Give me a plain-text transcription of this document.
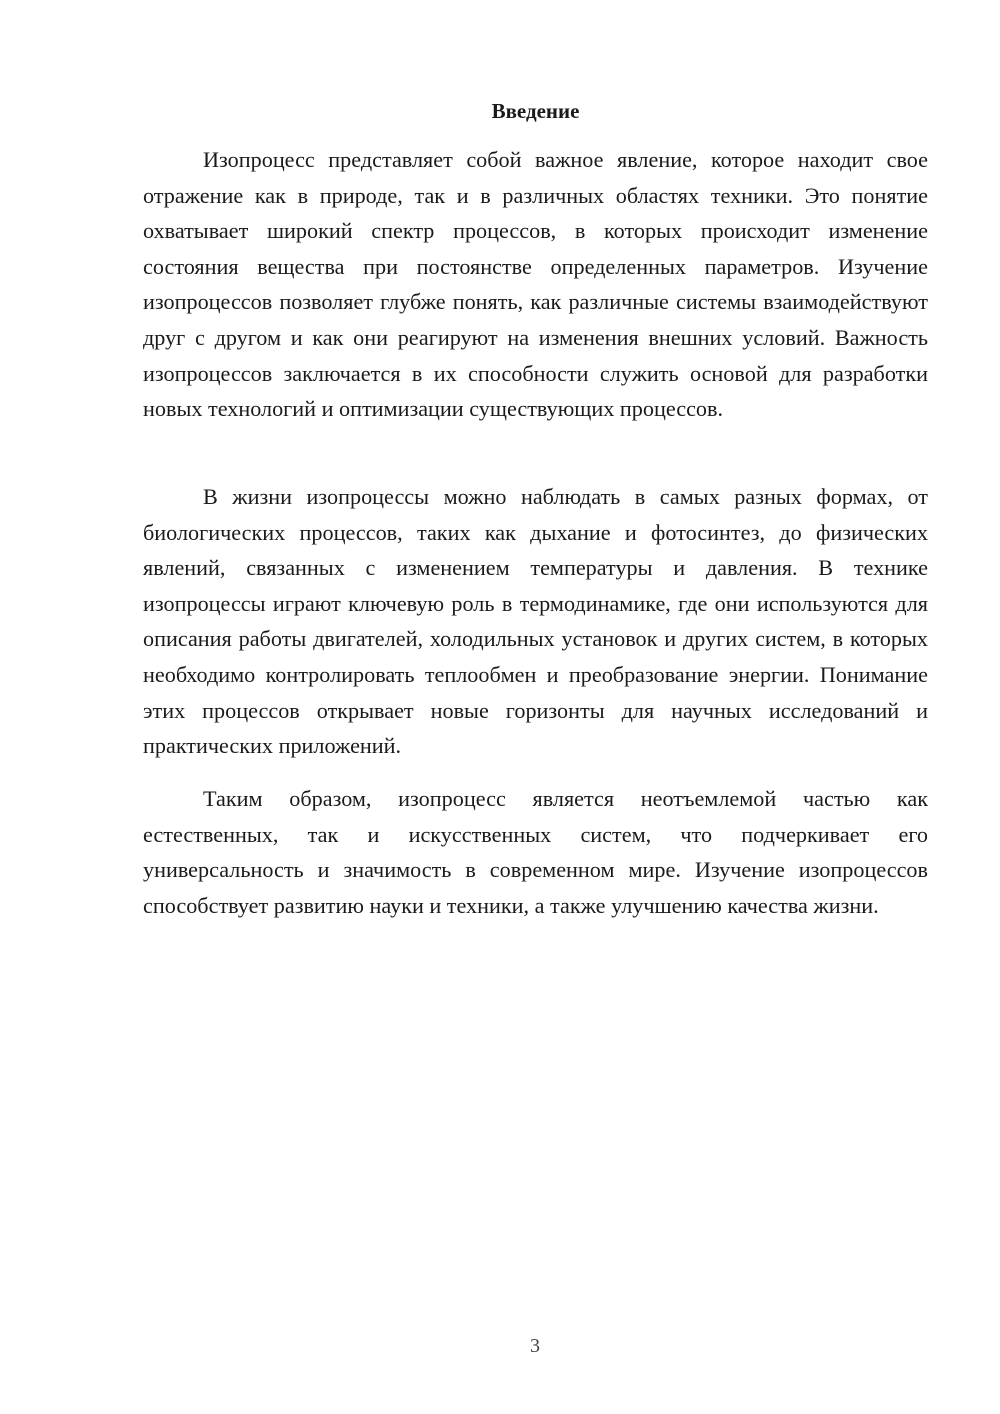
Введение

Изопроцесс представляет собой важное явление, которое находит свое отражение как в природе, так и в различных областях техники. Это понятие охватывает широкий спектр процессов, в которых происходит изменение состояния вещества при постоянстве определенных параметров. Изучение изопроцессов позволяет глубже понять, как различные системы взаимодействуют друг с другом и как они реагируют на изменения внешних условий. Важность изопроцессов заключается в их способности служить основой для разработки новых технологий и оптимизации существующих процессов.

В жизни изопроцессы можно наблюдать в самых разных формах, от биологических процессов, таких как дыхание и фотосинтез, до физических явлений, связанных с изменением температуры и давления. В технике изопроцессы играют ключевую роль в термодинамике, где они используются для описания работы двигателей, холодильных установок и других систем, в которых необходимо контролировать теплообмен и преобразование энергии. Понимание этих процессов открывает новые горизонты для научных исследований и практических приложений.

Таким образом, изопроцесс является неотъемлемой частью как естественных, так и искусственных систем, что подчеркивает его универсальность и значимость в современном мире. Изучение изопроцессов способствует развитию науки и техники, а также улучшению качества жизни.

3
